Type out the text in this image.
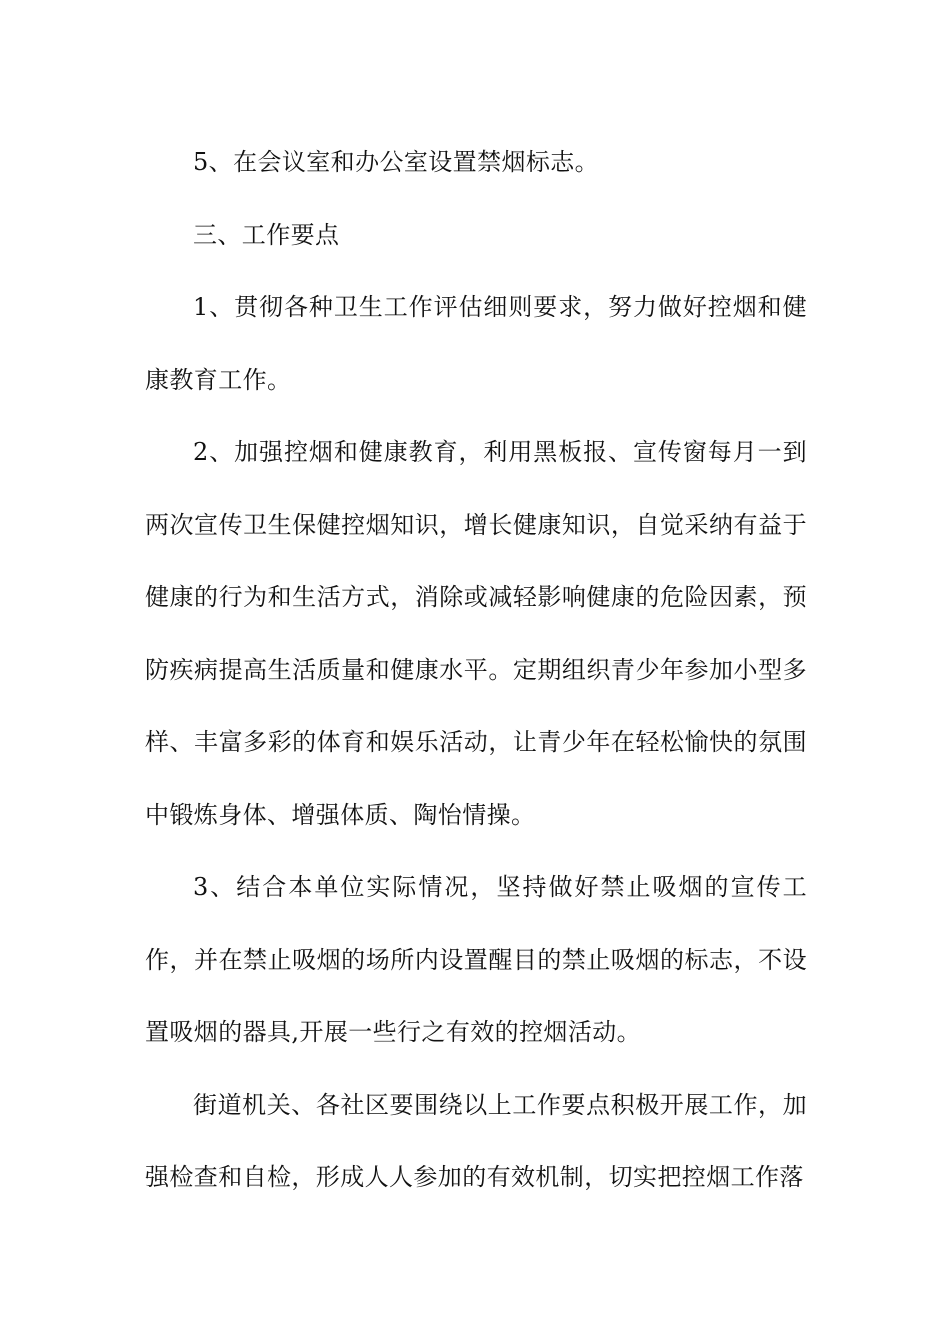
5、在会议室和办公室设置禁烟标志。

三、工作要点

1、贯彻各种卫生工作评估细则要求，努力做好控烟和健康教育工作。

2、加强控烟和健康教育，利用黑板报、宣传窗每月一到两次宣传卫生保健控烟知识，增长健康知识，自觉采纳有益于健康的行为和生活方式，消除或减轻影响健康的危险因素，预防疾病提高生活质量和健康水平。定期组织青少年参加小型多样、丰富多彩的体育和娱乐活动，让青少年在轻松愉快的氛围中锻炼身体、增强体质、陶怡情操。

3、结合本单位实际情况，坚持做好禁止吸烟的宣传工作，并在禁止吸烟的场所内设置醒目的禁止吸烟的标志，不设置吸烟的器具,开展一些行之有效的控烟活动。

街道机关、各社区要围绕以上工作要点积极开展工作，加强检查和自检，形成人人参加的有效机制，切实把控烟工作落
